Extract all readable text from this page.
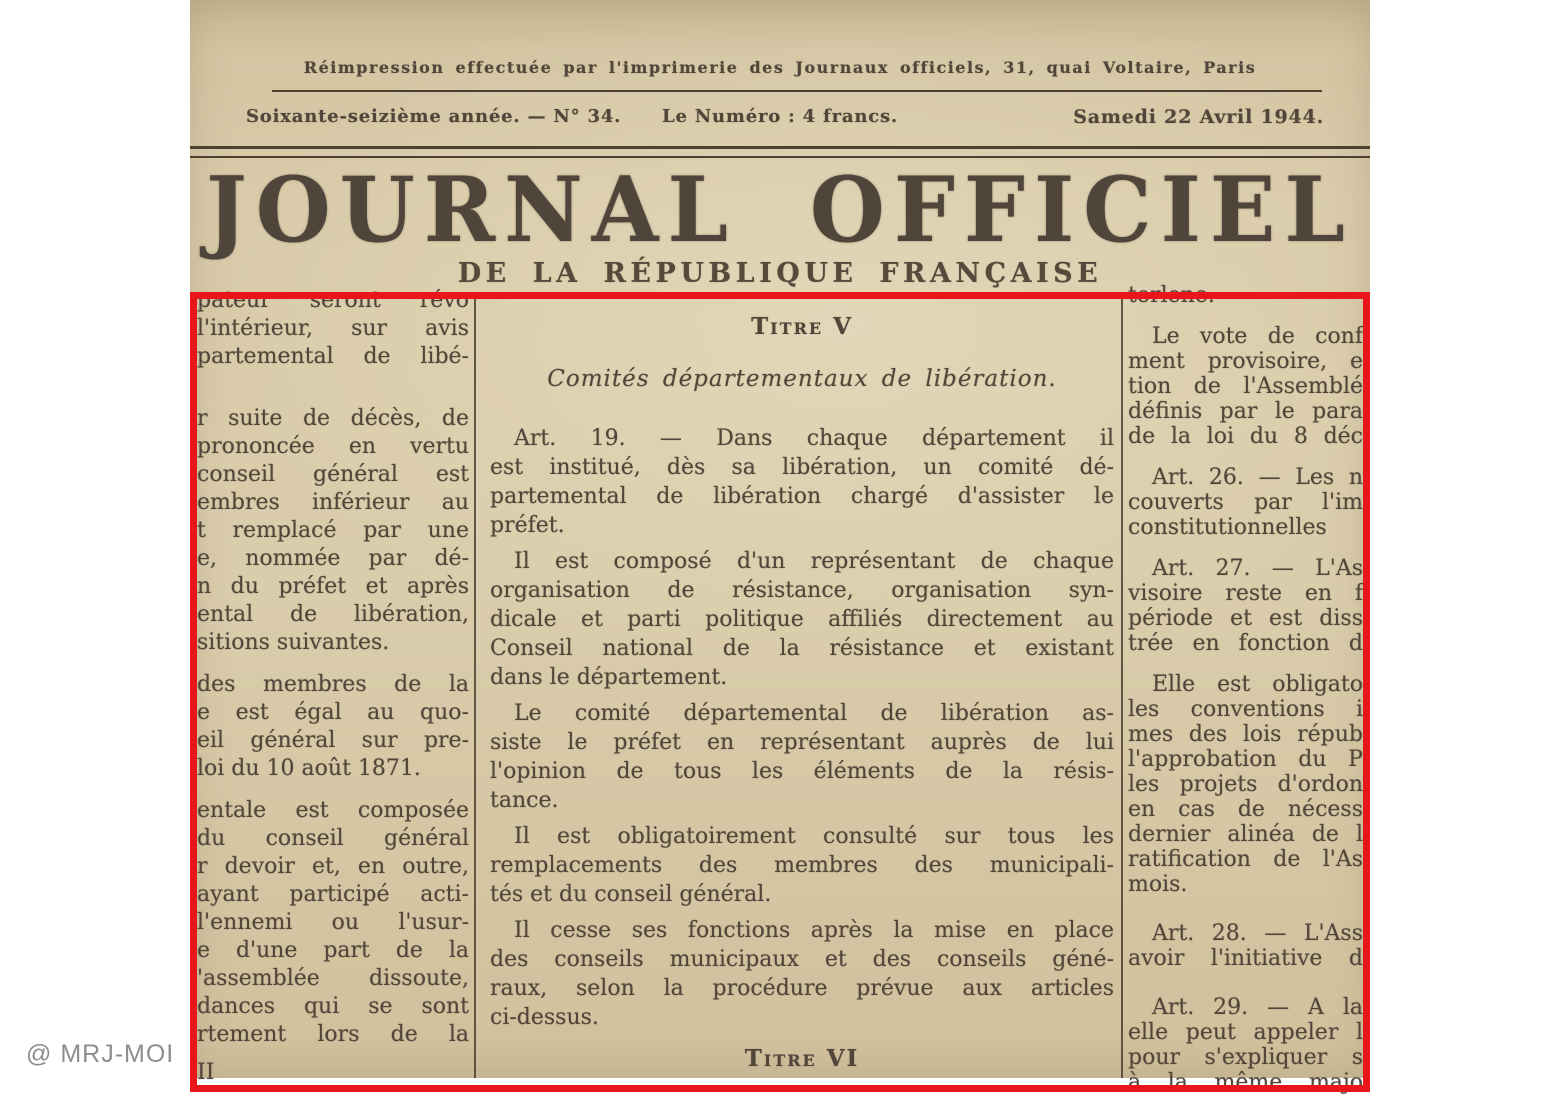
Réimpression effectuée par l'imprimerie des Journaux officiels, 31, quai Voltaire, Paris
Soixante-seizième année. — N° 34.	Le Numéro : 4 francs.	Samedi 22 Avril 1944.
JOURNAL OFFICIEL
DE LA RÉPUBLIQUE FRANÇAISE
pateur seront révo
l'intérieur, sur avis
partemental de libé-
r suite de décès, de
prononcée en vertu
conseil général est
embres inférieur au
t remplacé par une
e, nommée par dé-
n du préfet et après
ental de libération,
sitions suivantes.
des membres de la
e est égal au quo-
eil général sur pre-
loi du 10 août 1871.
entale est composée
du conseil général
r devoir et, en outre,
ayant participé acti-
l'ennemi ou l'usur-
e d'une part de la
'assemblée dissoute,
dances qui se sont
rtement lors de la
II
Titre V
Comités départementaux de libération.
Art. 19. — Dans chaque département il
est institué, dès sa libération, un comité dé-
partemental de libération chargé d'assister le
préfet.
Il est composé d'un représentant de chaque
organisation de résistance, organisation syn-
dicale et parti politique affiliés directement au
Conseil national de la résistance et existant
dans le département.
Le comité départemental de libération as-
siste le préfet en représentant auprès de lui
l'opinion de tous les éléments de la résis-
tance.
Il est obligatoirement consulté sur tous les
remplacements des membres des municipali-
tés et du conseil général.
Il cesse ses fonctions après la mise en place
des conseils municipaux et des conseils géné-
raux, selon la procédure prévue aux articles
ci-dessus.
Titre VI
torlene.
Le vote de conf
ment provisoire, e
tion de l'Assemblé
définis par le para
de la loi du 8 déc
Art. 26. — Les n
couverts par l'im
constitutionnelles
Art. 27. — L'As
visoire reste en f
période et est diss
trée en fonction d
Elle est obligato
les conventions i
mes des lois répub
l'approbation du P
les projets d'ordon
en cas de nécess
dernier alinéa de l
ratification de l'As
mois.
Art. 28. — L'Ass
avoir l'initiative d
Art. 29. — A la
elle peut appeler l
pour s'expliquer s
à la même majo
@ MRJ-MOI
